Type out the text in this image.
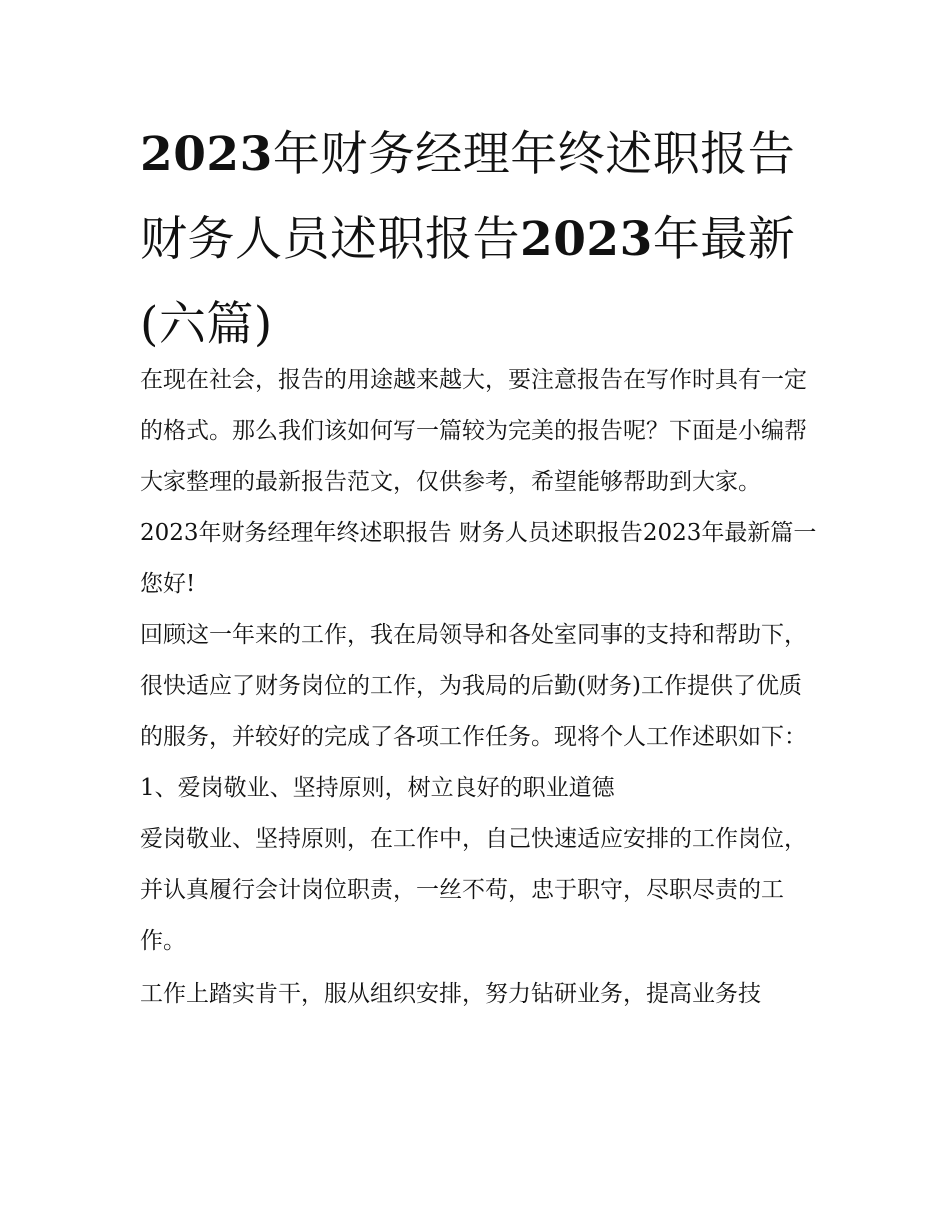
2023年财务经理年终述职报告
财务人员述职报告2023年最新
(六篇)

在现在社会，报告的用途越来越大，要注意报告在写作时具有一定的格式。那么我们该如何写一篇较为完美的报告呢？下面是小编帮大家整理的最新报告范文，仅供参考，希望能够帮助到大家。

2023年财务经理年终述职报告 财务人员述职报告2023年最新篇一 您好!

回顾这一年来的工作，我在局领导和各处室同事的支持和帮助下，很快适应了财务岗位的工作，为我局的后勤(财务)工作提供了优质的服务，并较好的完成了各项工作任务。现将个人工作述职如下：

1、爱岗敬业、坚持原则，树立良好的职业道德

爱岗敬业、坚持原则，在工作中，自己快速适应安排的工作岗位，并认真履行会计岗位职责，一丝不苟，忠于职守，尽职尽责的工作。

工作上踏实肯干，服从组织安排，努力钻研业务，提高业务技
